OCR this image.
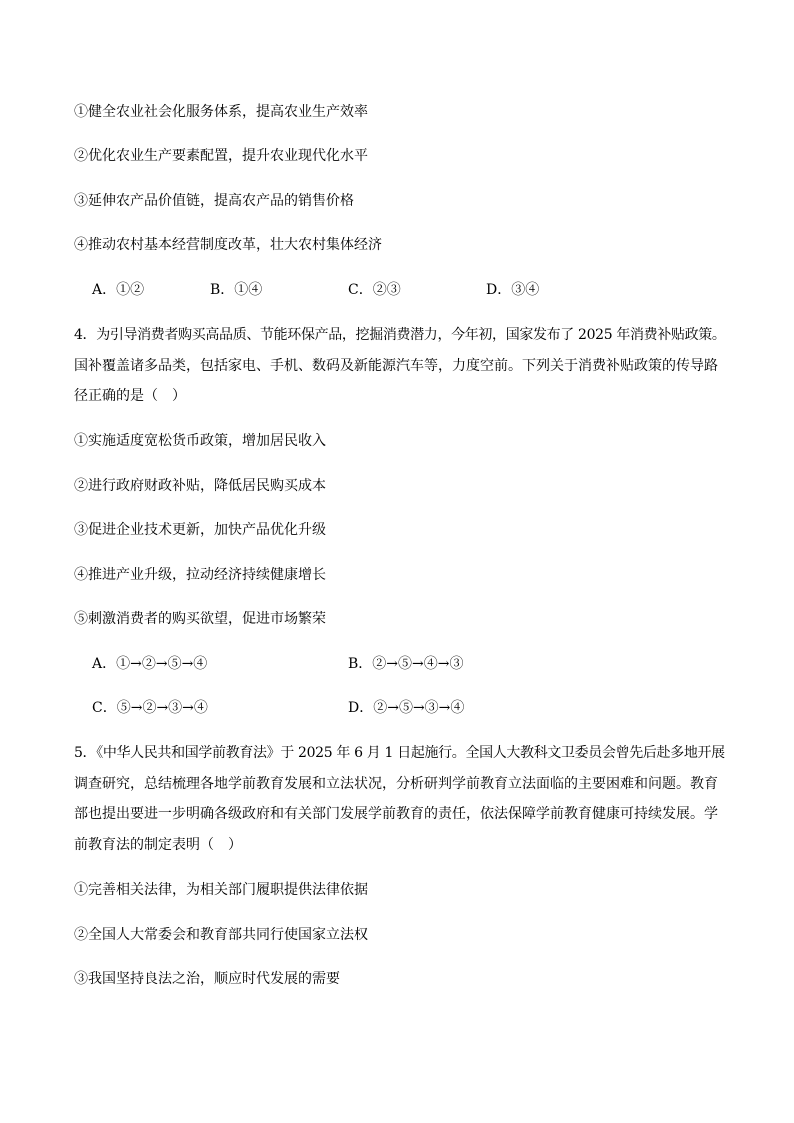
①健全农业社会化服务体系，提高农业生产效率
②优化农业生产要素配置，提升农业现代化水平
③延伸农产品价值链，提高农产品的销售价格
④推动农村基本经营制度改革，壮大农村集体经济
A．①②	B．①④	C．②③	D．③④
4．为引导消费者购买高品质、节能环保产品，挖掘消费潜力，今年初，国家发布了 2025 年消费补贴政策。
国补覆盖诸多品类，包括家电、手机、数码及新能源汽车等，力度空前。下列关于消费补贴政策的传导路
径正确的是（　）
①实施适度宽松货币政策，增加居民收入
②进行政府财政补贴，降低居民购买成本
③促进企业技术更新，加快产品优化升级
④推进产业升级，拉动经济持续健康增长
⑤刺激消费者的购买欲望，促进市场繁荣
A．①→②→⑤→④	B．②→⑤→④→③
C．⑤→②→③→④	D．②→⑤→③→④
5．《中华人民共和国学前教育法》于 2025 年 6 月 1 日起施行。全国人大教科文卫委员会曾先后赴多地开展
调查研究，总结梳理各地学前教育发展和立法状况，分析研判学前教育立法面临的主要困难和问题。教育
部也提出要进一步明确各级政府和有关部门发展学前教育的责任，依法保障学前教育健康可持续发展。学
前教育法的制定表明（　）
①完善相关法律，为相关部门履职提供法律依据
②全国人大常委会和教育部共同行使国家立法权
③我国坚持良法之治，顺应时代发展的需要
